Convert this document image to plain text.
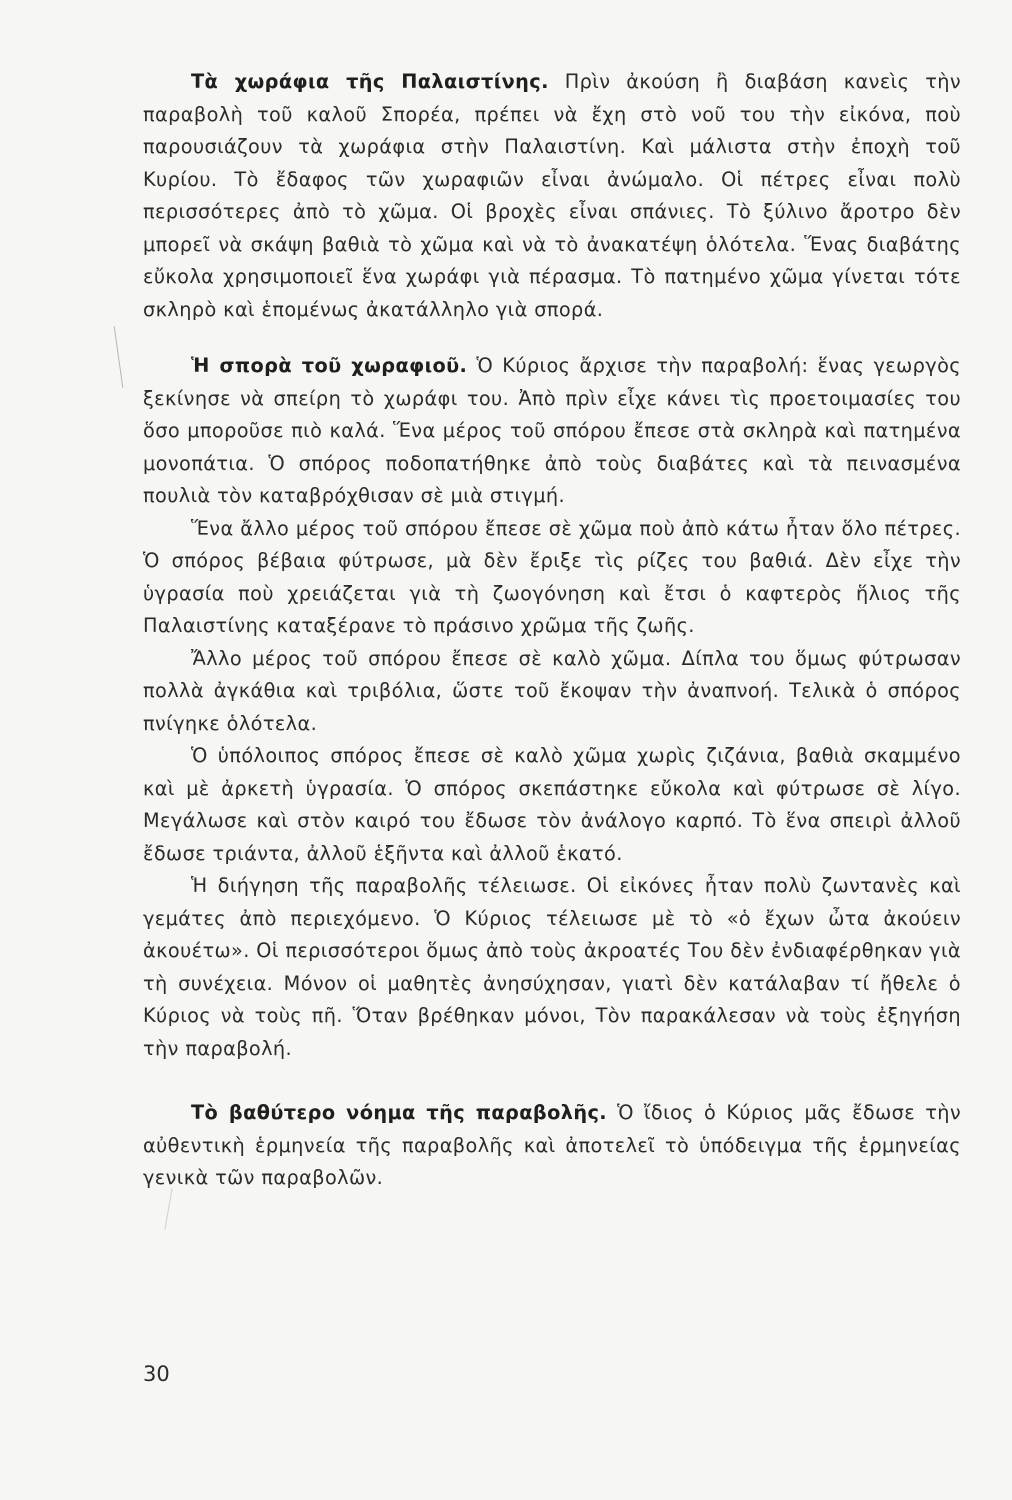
Τὰ χωράφια τῆς Παλαιστίνης. Πρὶν ἀκούση ἢ διαβάση κανεὶς τὴν παραβολὴ τοῦ καλοῦ Σπορέα, πρέπει νὰ ἔχη στὸ νοῦ του τὴν εἰκόνα, ποὺ παρουσιάζουν τὰ χωράφια στὴν Παλαιστίνη. Καὶ μάλιστα στὴν ἐποχὴ τοῦ Κυρίου. Τὸ ἔδαφος τῶν χωραφιῶν εἶναι ἀνώμαλο. Οἱ πέτρες εἶναι πολὺ περισσότερες ἀπὸ τὸ χῶμα. Οἱ βροχὲς εἶναι σπάνιες. Τὸ ξύλινο ἄροτρο δὲν μπορεῖ νὰ σκάψη βαθιὰ τὸ χῶμα καὶ νὰ τὸ ἀνακατέψη ὁλότελα. Ἕνας διαβάτης εὔκολα χρησιμοποιεῖ ἕνα χωράφι γιὰ πέρασμα. Τὸ πατημένο χῶμα γίνεται τότε σκληρὸ καὶ ἑπομένως ἀκατάλληλο γιὰ σπορά.

Ἡ σπορὰ τοῦ χωραφιοῦ. Ὁ Κύριος ἄρχισε τὴν παραβολή: ἕνας γεωργὸς ξεκίνησε νὰ σπείρη τὸ χωράφι του. Ἀπὸ πρὶν εἶχε κάνει τὶς προετοιμασίες του ὅσο μποροῦσε πιὸ καλά. Ἕνα μέρος τοῦ σπόρου ἔπεσε στὰ σκληρὰ καὶ πατημένα μονοπάτια. Ὁ σπόρος ποδοπατήθηκε ἀπὸ τοὺς διαβάτες καὶ τὰ πεινασμένα πουλιὰ τὸν καταβρόχθισαν σὲ μιὰ στιγμή.

Ἕνα ἄλλο μέρος τοῦ σπόρου ἔπεσε σὲ χῶμα ποὺ ἀπὸ κάτω ἦταν ὅλο πέτρες. Ὁ σπόρος βέβαια φύτρωσε, μὰ δὲν ἔριξε τὶς ρίζες του βαθιά. Δὲν εἶχε τὴν ὑγρασία ποὺ χρειάζεται γιὰ τὴ ζωογόνηση καὶ ἔτσι ὁ καφτερὸς ἥλιος τῆς Παλαιστίνης καταξέρανε τὸ πράσινο χρῶμα τῆς ζωῆς.

Ἄλλο μέρος τοῦ σπόρου ἔπεσε σὲ καλὸ χῶμα. Δίπλα του ὅμως φύτρωσαν πολλὰ ἀγκάθια καὶ τριβόλια, ὥστε τοῦ ἔκοψαν τὴν ἀναπνοή. Τελικὰ ὁ σπόρος πνίγηκε ὁλότελα.

Ὁ ὑπόλοιπος σπόρος ἔπεσε σὲ καλὸ χῶμα χωρὶς ζιζάνια, βαθιὰ σκαμμένο καὶ μὲ ἀρκετὴ ὑγρασία. Ὁ σπόρος σκεπάστηκε εὔκολα καὶ φύτρωσε σὲ λίγο. Μεγάλωσε καὶ στὸν καιρό του ἔδωσε τὸν ἀνάλογο καρπό. Τὸ ἕνα σπειρὶ ἀλλοῦ ἔδωσε τριάντα, ἀλλοῦ ἑξῆντα καὶ ἀλλοῦ ἑκατό.

Ἡ διήγηση τῆς παραβολῆς τέλειωσε. Οἱ εἰκόνες ἦταν πολὺ ζωντανὲς καὶ γεμάτες ἀπὸ περιεχόμενο. Ὁ Κύριος τέλειωσε μὲ τὸ «ὁ ἔχων ὦτα ἀκούειν ἀκουέτω». Οἱ περισσότεροι ὅμως ἀπὸ τοὺς ἀκροατές Του δὲν ἐνδιαφέρθηκαν γιὰ τὴ συνέχεια. Μόνον οἱ μαθητὲς ἀνησύχησαν, γιατὶ δὲν κατάλαβαν τί ἤθελε ὁ Κύριος νὰ τοὺς πῆ. Ὅταν βρέθηκαν μόνοι, Τὸν παρακάλεσαν νὰ τοὺς ἐξηγήση τὴν παραβολή.

Τὸ βαθύτερο νόημα τῆς παραβολῆς. Ὁ ἴδιος ὁ Κύριος μᾶς ἔδωσε τὴν αὐθεντικὴ ἑρμηνεία τῆς παραβολῆς καὶ ἀποτελεῖ τὸ ὑπόδειγμα τῆς ἑρμηνείας γενικὰ τῶν παραβολῶν.

30
